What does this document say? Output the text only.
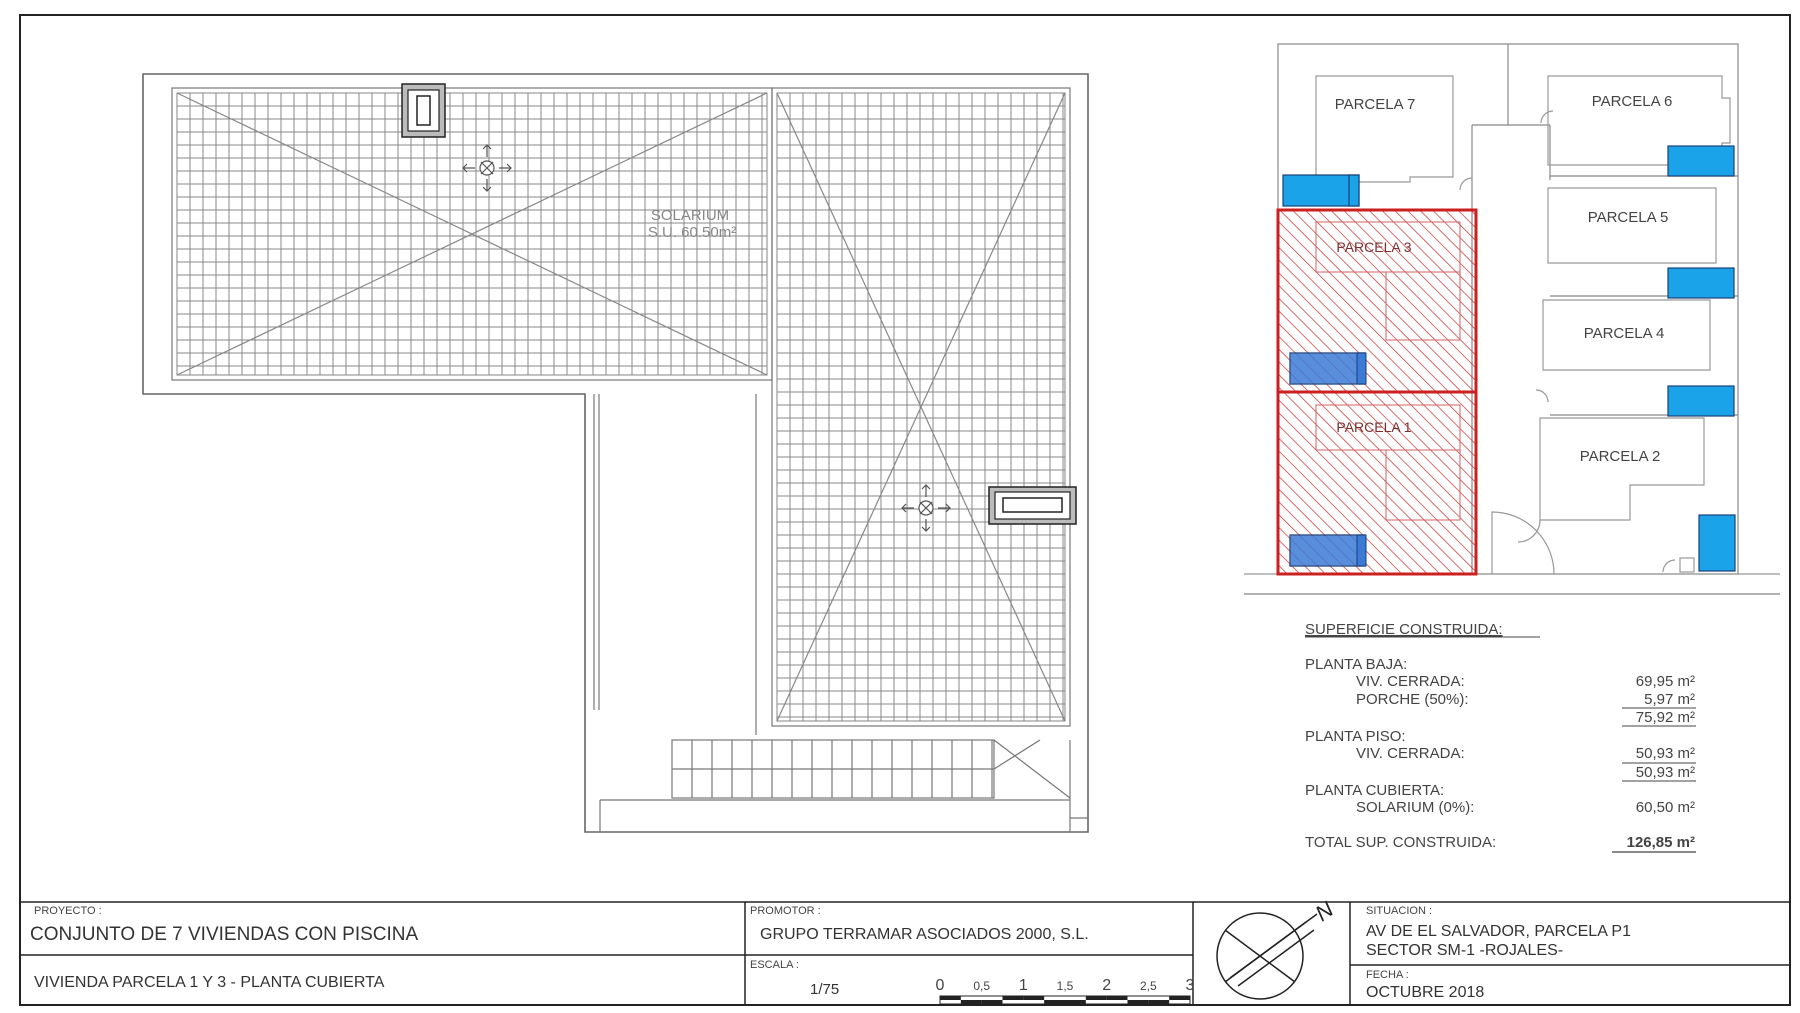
SOLARIUM
S.U. 60.50m²
PARCELA 7	PARCELA 6
PARCELA 5
PARCELA 4
PARCELA 2
PARCELA 3
PARCELA 1
SUPERFICIE CONSTRUIDA:
PLANTA BAJA:
VIV. CERRADA:	69,95 m²
PORCHE (50%):	5,97 m²
75,92 m²
PLANTA PISO:
VIV. CERRADA:	50,93 m²
50,93 m²
PLANTA CUBIERTA:
SOLARIUM (0%):	60,50 m²
TOTAL SUP. CONSTRUIDA:	126,85 m²
PROYECTO :	PROMOTOR :
ESCALA :
SITUACION :
FECHA :
CONJUNTO DE 7 VIVIENDAS CON PISCINA
VIVIENDA PARCELA 1 Y 3 - PLANTA CUBIERTA
GRUPO TERRAMAR ASOCIADOS 2000, S.L.
1/75
AV DE EL SALVADOR, PARCELA P1
SECTOR SM-1 -ROJALES-
OCTUBRE 2018
0 0,5 1 1,5 2 2,5 3
N
